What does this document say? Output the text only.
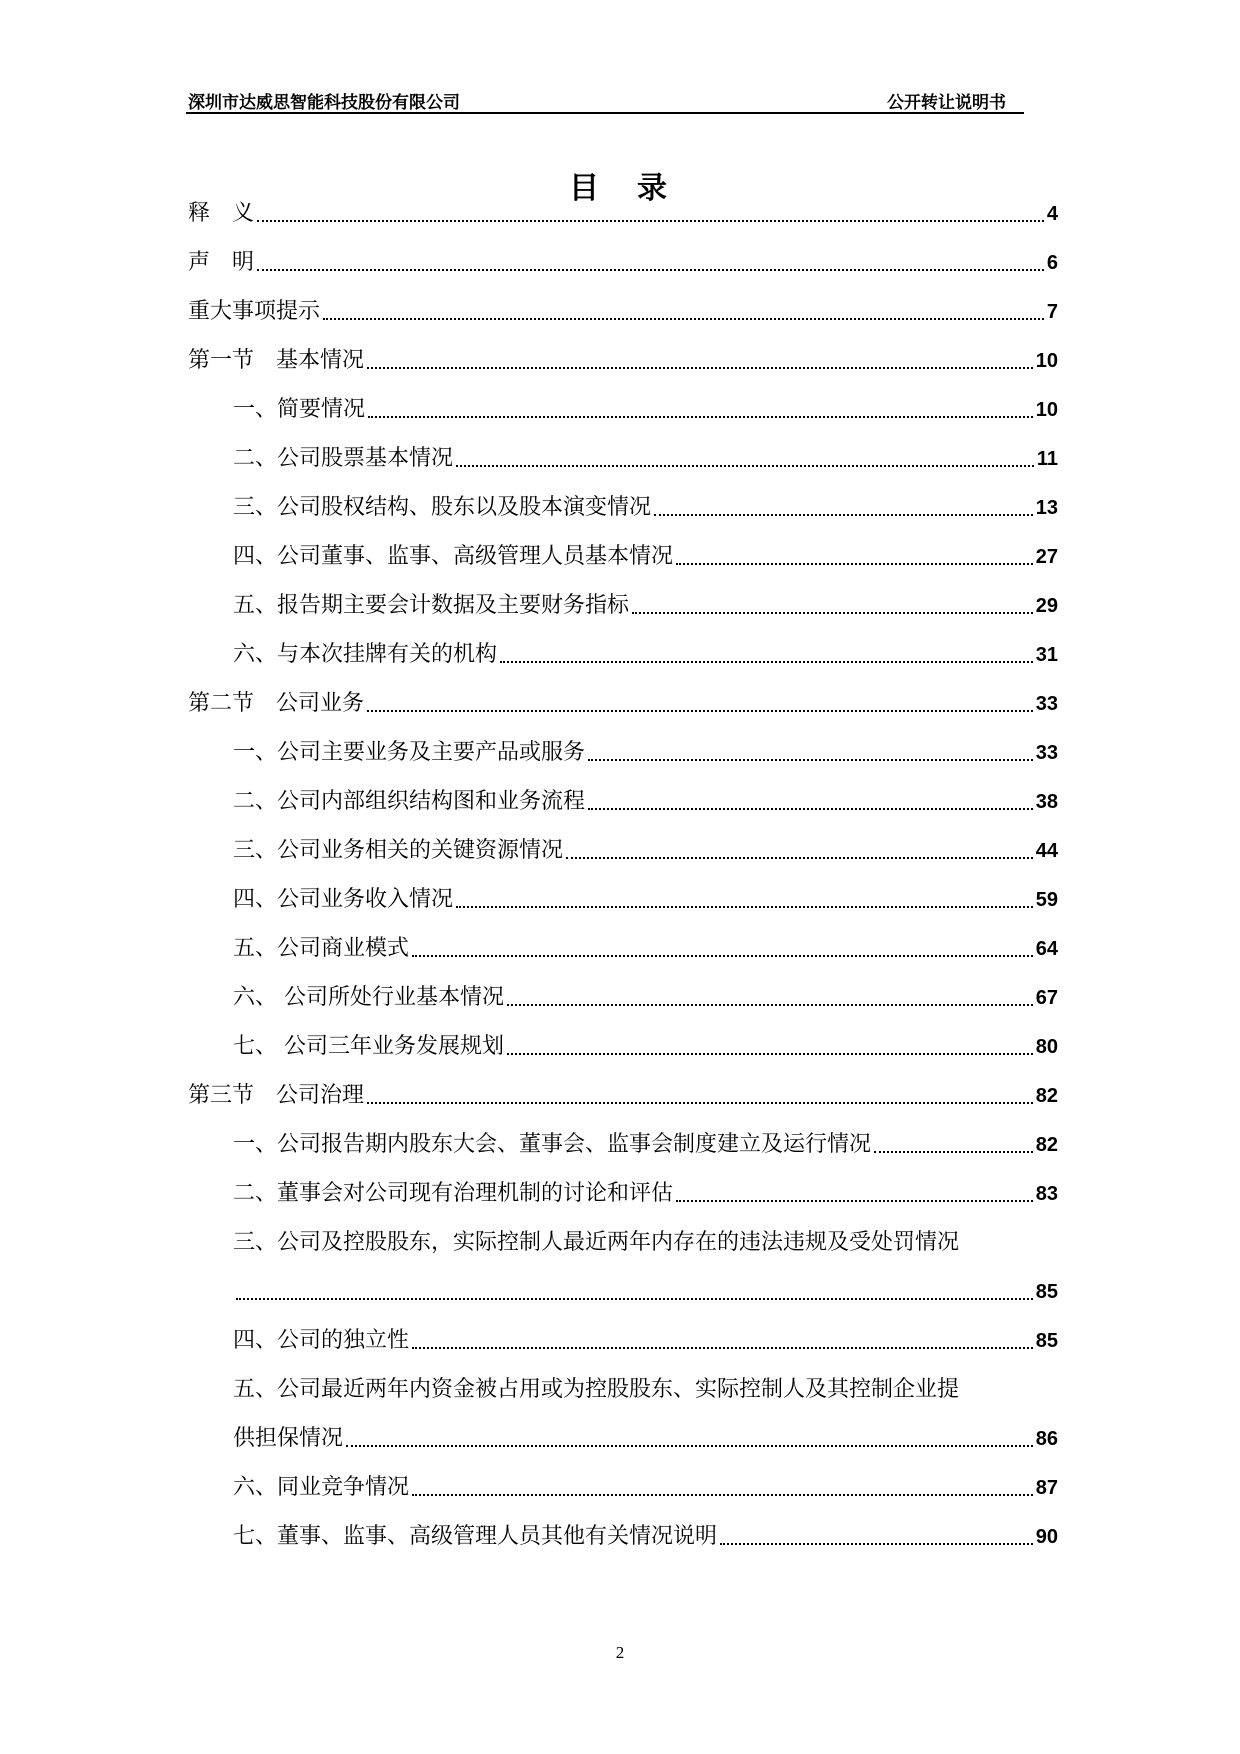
深圳市达威思智能科技股份有限公司	公开转让说明书
目　录
释　义	4
声　明	6
重大事项提示	7
第一节　基本情况	10
一、简要情况	10
二、公司股票基本情况	11
三、公司股权结构、股东以及股本演变情况	13
四、公司董事、监事、高级管理人员基本情况	27
五、报告期主要会计数据及主要财务指标	29
六、与本次挂牌有关的机构	31
第二节　公司业务	33
一、公司主要业务及主要产品或服务	33
二、公司内部组织结构图和业务流程	38
三、公司业务相关的关键资源情况	44
四、公司业务收入情况	59
五、公司商业模式	64
六、 公司所处行业基本情况	67
七、 公司三年业务发展规划	80
第三节　公司治理	82
一、公司报告期内股东大会、董事会、监事会制度建立及运行情况	82
二、董事会对公司现有治理机制的讨论和评估	83
三、公司及控股股东，实际控制人最近两年内存在的违法违规及受处罚情况
85
四、公司的独立性	85
五、公司最近两年内资金被占用或为控股股东、实际控制人及其控制企业提
供担保情况	86
六、同业竞争情况	87
七、董事、监事、高级管理人员其他有关情况说明	90
2
